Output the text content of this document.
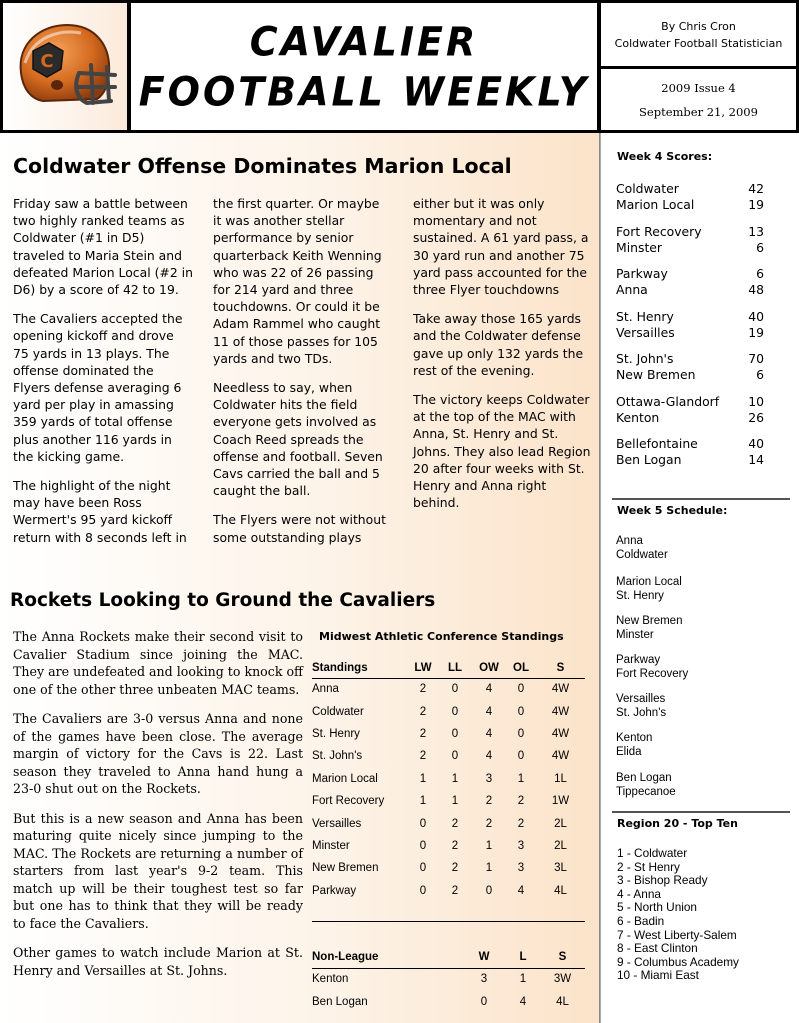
C	CAVALIER
FOOTBALL WEEKLY
By Chris Cron
Coldwater Football Statistician
2009 Issue 4
September 21, 2009
Coldwater Offense Dominates Marion Local

Friday saw a battle between two highly ranked teams as Coldwater (#1 in D5) traveled to Maria Stein and defeated Marion Local (#2 in D6) by a score of 42 to 19.

The Cavaliers accepted the opening kickoff and drove 75 yards in 13 plays. The offense dominated the Flyers defense averaging 6 yard per play in amassing 359 yards of total offense plus another 116 yards in the kicking game.

The highlight of the night may have been Ross Wermert's 95 yard kickoff return with 8 seconds left in

the first quarter. Or maybe it was another stellar performance by senior quarterback Keith Wenning who was 22 of 26 passing for 214 yard and three touchdowns. Or could it be Adam Rammel who caught 11 of those passes for 105 yards and two TDs.

Needless to say, when Coldwater hits the field everyone gets involved as Coach Reed spreads the offense and football. Seven Cavs carried the ball and 5 caught the ball.

The Flyers were not without some outstanding plays

either but it was only momentary and not sustained. A 61 yard pass, a 30 yard run and another 75 yard pass accounted for the three Flyer touchdowns

Take away those 165 yards and the Coldwater defense gave up only 132 yards the rest of the evening.

The victory keeps Coldwater at the top of the MAC with Anna, St. Henry and St. Johns. They also lead Region 20 after four weeks with St. Henry and Anna right behind.

Rockets Looking to Ground the Cavaliers

The Anna Rockets make their second visit to Cavalier Stadium since joining the MAC. They are undefeated and looking to knock off one of the other three unbeaten MAC teams.

The Cavaliers are 3-0 versus Anna and none of the games have been close. The average margin of victory for the Cavs is 22. Last season they traveled to Anna hand hung a 23-0 shut out on the Rockets.

But this is a new season and Anna has been maturing quite nicely since jumping to the MAC. The Rockets are returning a number of starters from last year's 9-2 team. This match up will be their toughest test so far but one has to think that they will be ready to face the Cavaliers.

Other games to watch include Marion at St. Henry and Versailles at St. Johns.

Midwest Athletic Conference Standings
Standings	LW	LL	OW	OL	S
Anna	2	0	4	0	4W
Coldwater	2	0	4	0	4W
St. Henry	2	0	4	0	4W
St. John's	2	0	4	0	4W
Marion Local	1	1	3	1	1L
Fort Recovery	1	1	2	2	1W
Versailles	0	2	2	2	2L
Minster	0	2	1	3	2L
New Bremen	0	2	1	3	3L
Parkway	0	2	0	4	4L
Non-League	W	L	S
Kenton	3	1	3W
Ben Logan	0	4	4L
Week 4 Scores:
Coldwater	42
Marion Local	19
Fort Recovery	13
Minster	6
Parkway	6
Anna	48
St. Henry	40
Versailles	19
St. John's	70
New Bremen	6
Ottawa-Glandorf 10
Kenton	26
Bellefontaine	40
Ben Logan	14
Week 5 Schedule:
Anna
Coldwater
Marion Local
St. Henry
New Bremen
Minster
Parkway
Fort Recovery
Versailles
St. John's
Kenton
Elida
Ben Logan
Tippecanoe
Region 20 - Top Ten
1 - Coldwater
2 - St Henry
3 - Bishop Ready
4 - Anna
5 - North Union
6 - Badin
7 - West Liberty-Salem
8 - East Clinton
9 - Columbus Academy
10 - Miami East
